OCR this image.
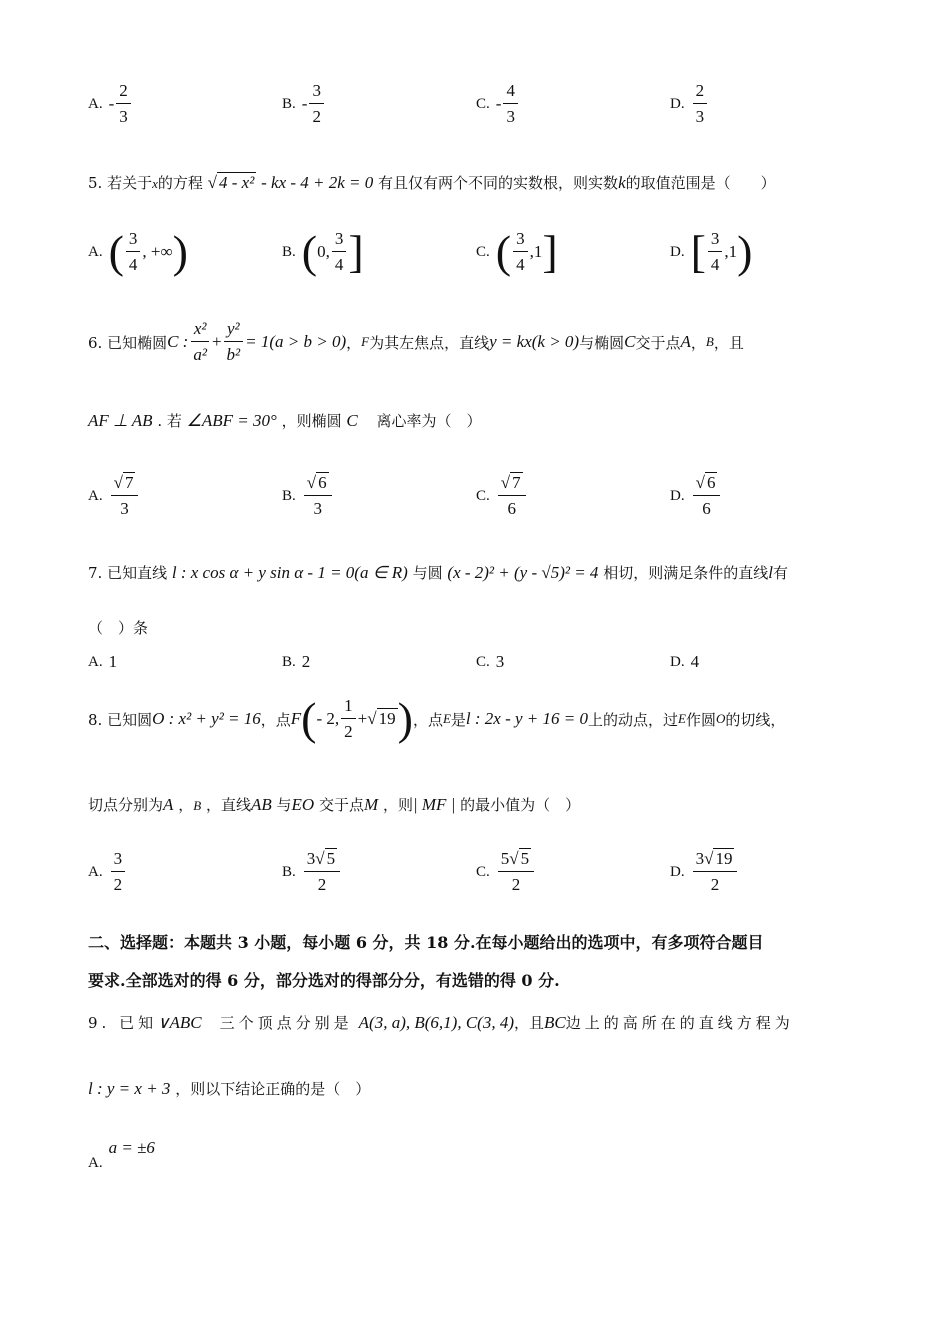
A. - $\frac{2}{3}$	B. - $\frac{3}{2}$	C. - $\frac{4}{3}$	D. $\frac{2}{3}$
5. 若关于x的方程 √ 4 - x² - kx - 4 + 2k = 0 有且仅有两个不同的实数根，则实数k的取值范围是（　　）
A. ( $\frac{3}{4}$ , +∞ )	B. ( 0, $\frac{3}{4}$ ]	C. ( $\frac{3}{4} ,1$ ]	D. [ $\frac{3}{4} ,1$ )
6. 已知椭圆 C : $\frac{\text{x²}}{\text{a²}} + \frac{\text{y²}}{\text{b²}} = 1(a > b > 0)$ ， F 为其左焦点，直线 y = kx(k > 0) 与椭圆 C 交于点 A ， B ，且
AF ⊥ AB . 若 ∠ABF = 30° ，则椭圆 C 离心率为（　）
A. $\frac{√ 7}{3}$	B. $\frac{√ 6}{3}$	C. $\frac{√ 7}{6}$	D. $\frac{√ 6}{6}$
7. 已知直线 l : x cos α + y sin α - 1 = 0(a ∈ R) 与圆 (x - 2)² + (y - √5)² = 4 相切，则满足条件的直线l有
（　）条
A. 1	B. 2	C. 3	D. 4
8. 已知圆 O : x² + y² = 16 ，点 F ( - 2, $\frac{1}{2}$ + √ 19 ) ，点 E 是 l : 2x - y + 16 = 0 上的动点，过 E 作圆 O 的切线，
切点分别为A ，B ，直线AB 与EO 交于点M ，则| MF | 的最小值为（　）
A. $\frac{3}{2}$	B. $\frac{3√ 5}{2}$	C. $\frac{5√ 5}{2}$	D. $\frac{3√ 19}{2}$
二、选择题：本题共 3 小题，每小题 6 分，共 18 分.在每小题给出的选项中，有多项符合题目
要求.全部选对的得 6 分，部分选对的得部分分，有选错的得 0 分.
9. 已知 ∨ABC 三个顶点分别是 A(3, a), B(6,1), C(3, 4) ，且 BC 边上的高所在的直线方程为
l : y = x + 3 ，则以下结论正确的是（　）
A.
a = ±6
